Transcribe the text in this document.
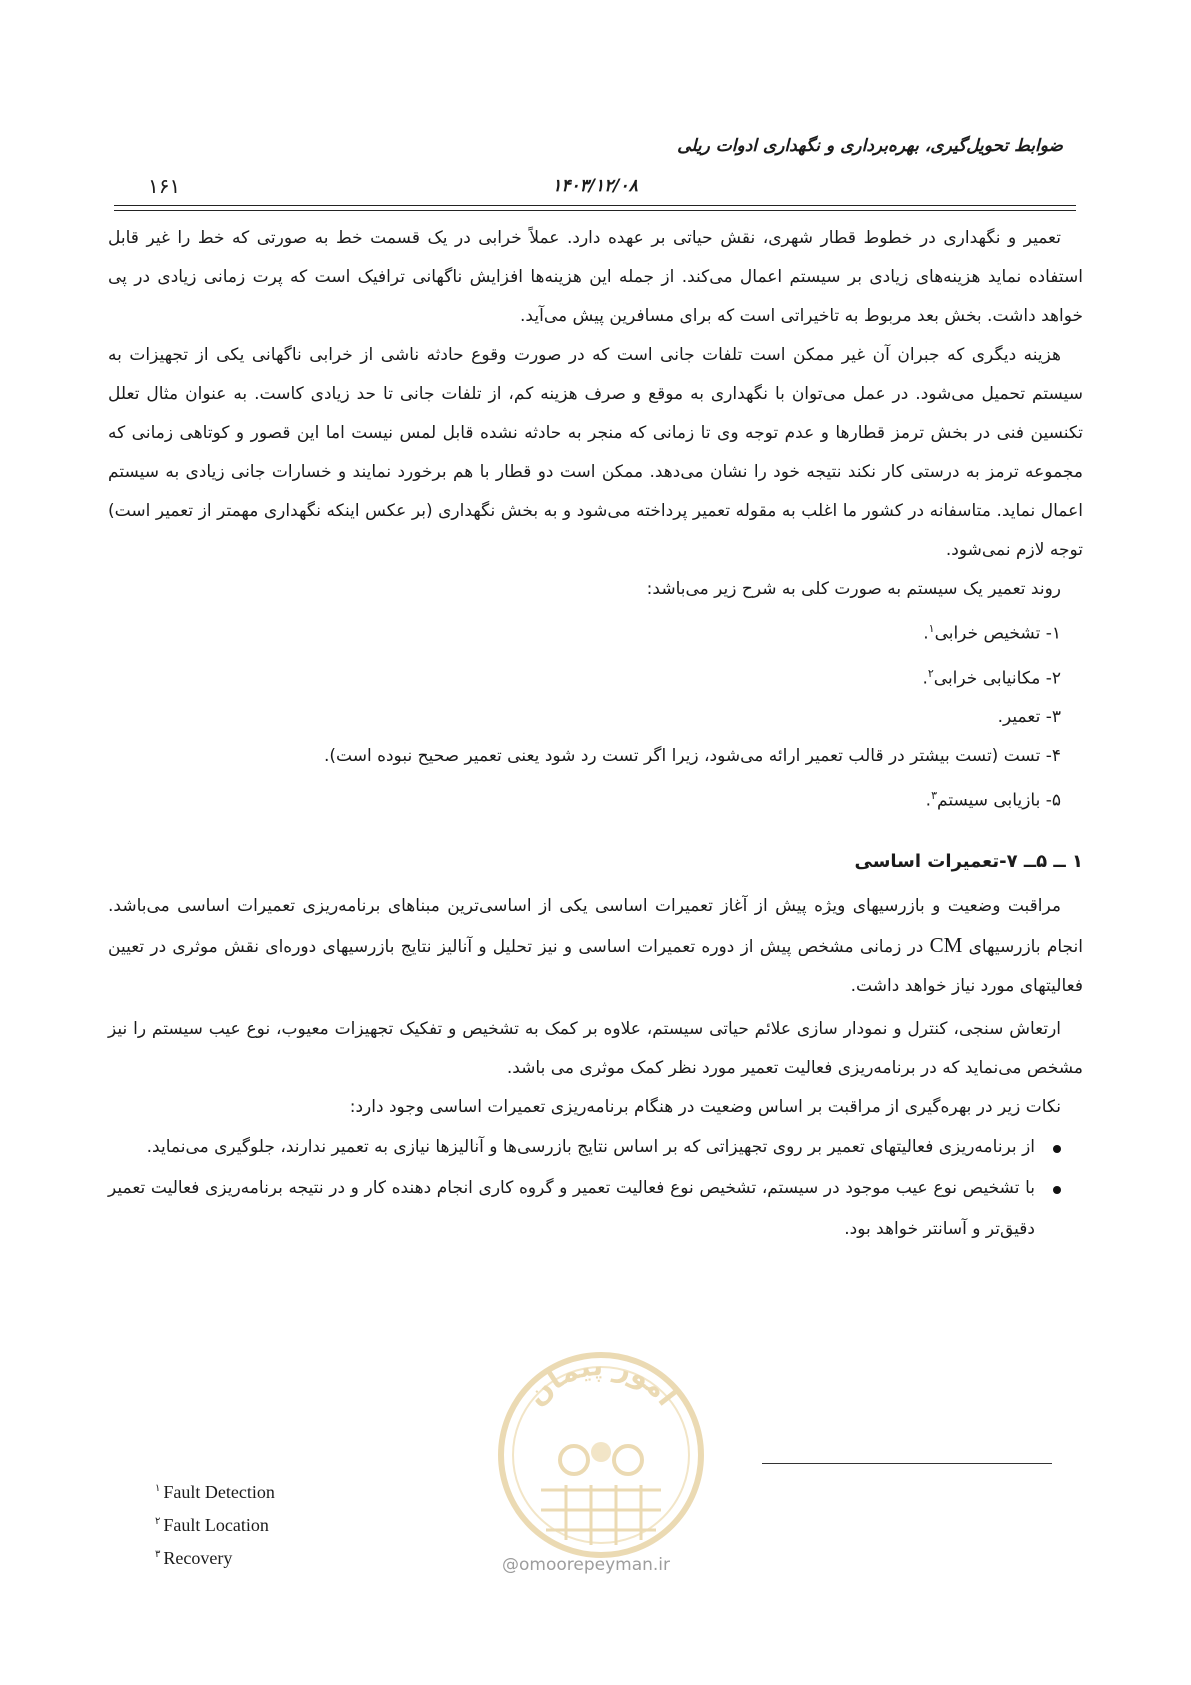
ضوابط تحویل‌گیری، بهره‌برداری و نگهداری ادوات ریلی
۱۶۱	۱۴۰۳/۱۲/۰۸

تعمیر و نگهداری در خطوط قطار شهری، نقش حیاتی بر عهده دارد. عملاً خرابی در یک قسمت خط به صورتی که خط را غیر قابل استفاده نماید هزینه‌های زیادی بر سیستم اعمال می‌کند. از جمله این هزینه‌ها افزایش ناگهانی ترافیک است که پرت زمانی زیادی در پی خواهد داشت. بخش بعد مربوط به تاخیراتی است که برای مسافرین پیش می‌آید.

هزینه دیگری که جبران آن غیر ممکن است تلفات جانی است که در صورت وقوع حادثه ناشی از خرابی ناگهانی یکی از تجهیزات به سیستم تحمیل می‌شود. در عمل می‌توان با نگهداری به موقع و صرف هزینه کم، از تلفات جانی تا حد زیادی کاست. به عنوان مثال تعلل تکنسین فنی در بخش ترمز قطارها و عدم توجه وی تا زمانی که منجر به حادثه نشده قابل لمس نیست اما این قصور و کوتاهی زمانی که مجموعه ترمز به درستی کار نکند نتیجه خود را نشان می‌دهد. ممکن است دو قطار با هم برخورد نمایند و خسارات جانی زیادی به سیستم اعمال نماید. متاسفانه در کشور ما اغلب به مقوله تعمیر پرداخته می‌شود و به بخش نگهداری (بر عکس اینکه نگهداری مهمتر از تعمیر است) توجه لازم نمی‌شود.

روند تعمیر یک سیستم به صورت کلی به شرح زیر می‌باشد:

۱- تشخیص خرابی$^۱$.
۲- مکانیابی خرابی$^۲$.
۳- تعمیر.
۴- تست (تست بیشتر در قالب تعمیر ارائه می‌شود، زیرا اگر تست رد شود یعنی تعمیر صحیح نبوده است).
۵- بازیابی سیستم$^۳$.
۱ ــ ۵ــ ۷-تعمیرات اساسی

مراقبت وضعیت و بازرسیهای ویژه پیش از آغاز تعمیرات اساسی یکی از اساسی‌ترین مبناهای برنامه‌ریزی تعمیرات اساسی می‌باشد. انجام بازرسیهای CM در زمانی مشخص پیش از دوره تعمیرات اساسی و نیز تحلیل و آنالیز نتایج بازرسیهای دوره‌ای نقش موثری در تعیین فعالیتهای مورد نیاز خواهد داشت.

ارتعاش سنجی، کنترل و نمودار سازی علائم حیاتی سیستم، علاوه بر کمک به تشخیص و تفکیک تجهیزات معیوب، نوع عیب سیستم را نیز مشخص می‌نماید که در برنامه‌ریزی فعالیت تعمیر مورد نظر کمک موثری می باشد.

نکات زیر در بهره‌گیری از مراقبت بر اساس وضعیت در هنگام برنامه‌ریزی تعمیرات اساسی وجود دارد:

از برنامه‌ریزی فعالیتهای تعمیر بر روی تجهیزاتی که بر اساس نتایج بازرسی‌ها و آنالیزها نیازی به تعمیر ندارند، جلوگیری می‌نماید.
با تشخیص نوع عیب موجود در سیستم، تشخیص نوع فعالیت تعمیر و گروه کاری انجام دهنده کار و در نتیجه برنامه‌ریزی فعالیت تعمیر دقیق‌تر و آسانتر خواهد بود.
امور پیمان
@omoorepeyman.ir
$^۱$ Fault Detection
$^۲$ Fault Location
$^۳$ Recovery
